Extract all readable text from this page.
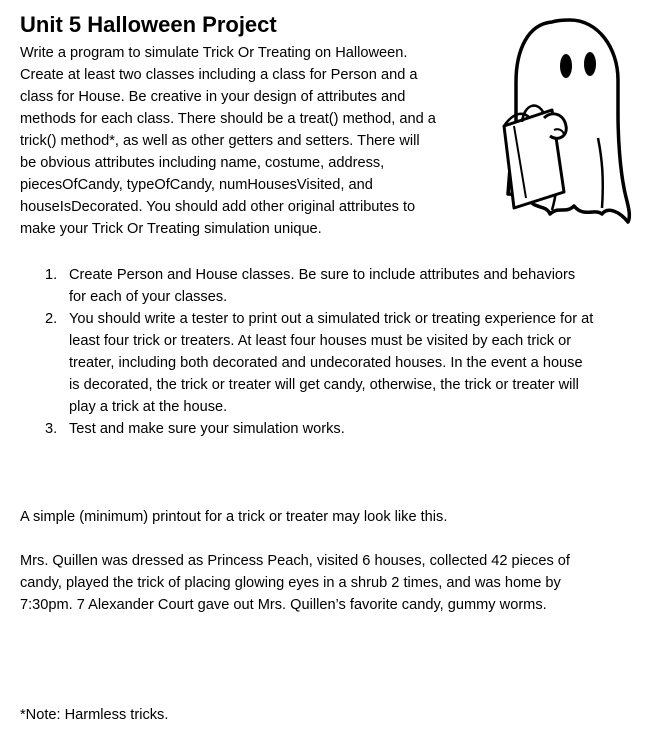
Unit 5 Halloween Project
Write a program to simulate Trick Or Treating on Halloween.
Create at least two classes including a class for Person and a
class for House. Be creative in your design of attributes and
methods for each class. There should be a treat() method, and a
trick() method*, as well as other getters and setters. There will
be obvious attributes including name, costume, address,
piecesOfCandy, typeOfCandy, numHousesVisited, and
houseIsDecorated. You should add other original attributes to
make your Trick Or Treating simulation unique.
1. Create Person and House classes. Be sure to include attributes and behaviors
for each of your classes.
2. You should write a tester to print out a simulated trick or treating experience for at
least four trick or treaters. At least four houses must be visited by each trick or
treater, including both decorated and undecorated houses. In the event a house
is decorated, the trick or treater will get candy, otherwise, the trick or treater will
play a trick at the house.
3. Test and make sure your simulation works.

A simple (minimum) printout for a trick or treater may look like this.

Mrs. Quillen was dressed as Princess Peach, visited 6 houses, collected 42 pieces of
candy, played the trick of placing glowing eyes in a shrub 2 times, and was home by
7:30pm. 7 Alexander Court gave out Mrs. Quillen’s favorite candy, gummy worms.

*Note: Harmless tricks.
